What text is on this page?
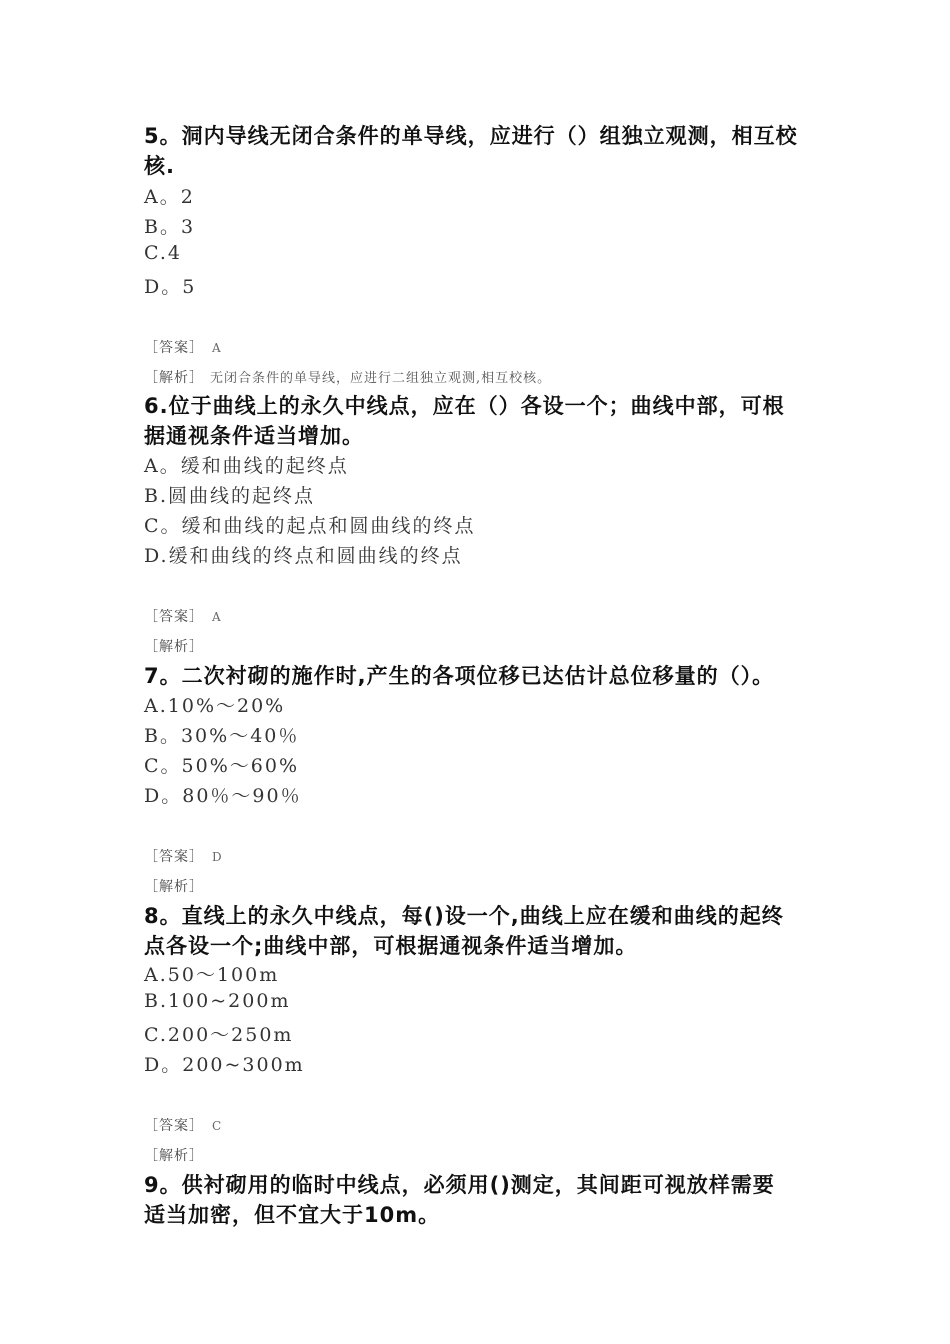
5。洞内导线无闭合条件的单导线，应进行（）组独立观测，相互校
核.
A。2
B。3
C.4
D。5
［答案］ A
［解析］ 无闭合条件的单导线，应进行二组独立观测,相互校核。
6.位于曲线上的永久中线点，应在（）各设一个；曲线中部，可根
据通视条件适当增加。
A。缓和曲线的起终点
B.圆曲线的起终点
C。缓和曲线的起点和圆曲线的终点
D.缓和曲线的终点和圆曲线的终点
［答案］ A
［解析］
7。二次衬砌的施作时,产生的各项位移已达估计总位移量的（）。
A.10%～20%
B。30%～40％
C。50%～60%
D。80％～90％
［答案］ D
［解析］
8。直线上的永久中线点，每()设一个,曲线上应在缓和曲线的起终
点各设一个;曲线中部，可根据通视条件适当增加。
A.50～100m
B.100~200m
C.200～250m
D。200~300m
［答案］ C
［解析］
9。供衬砌用的临时中线点，必须用()测定，其间距可视放样需要
适当加密，但不宜大于10m。
